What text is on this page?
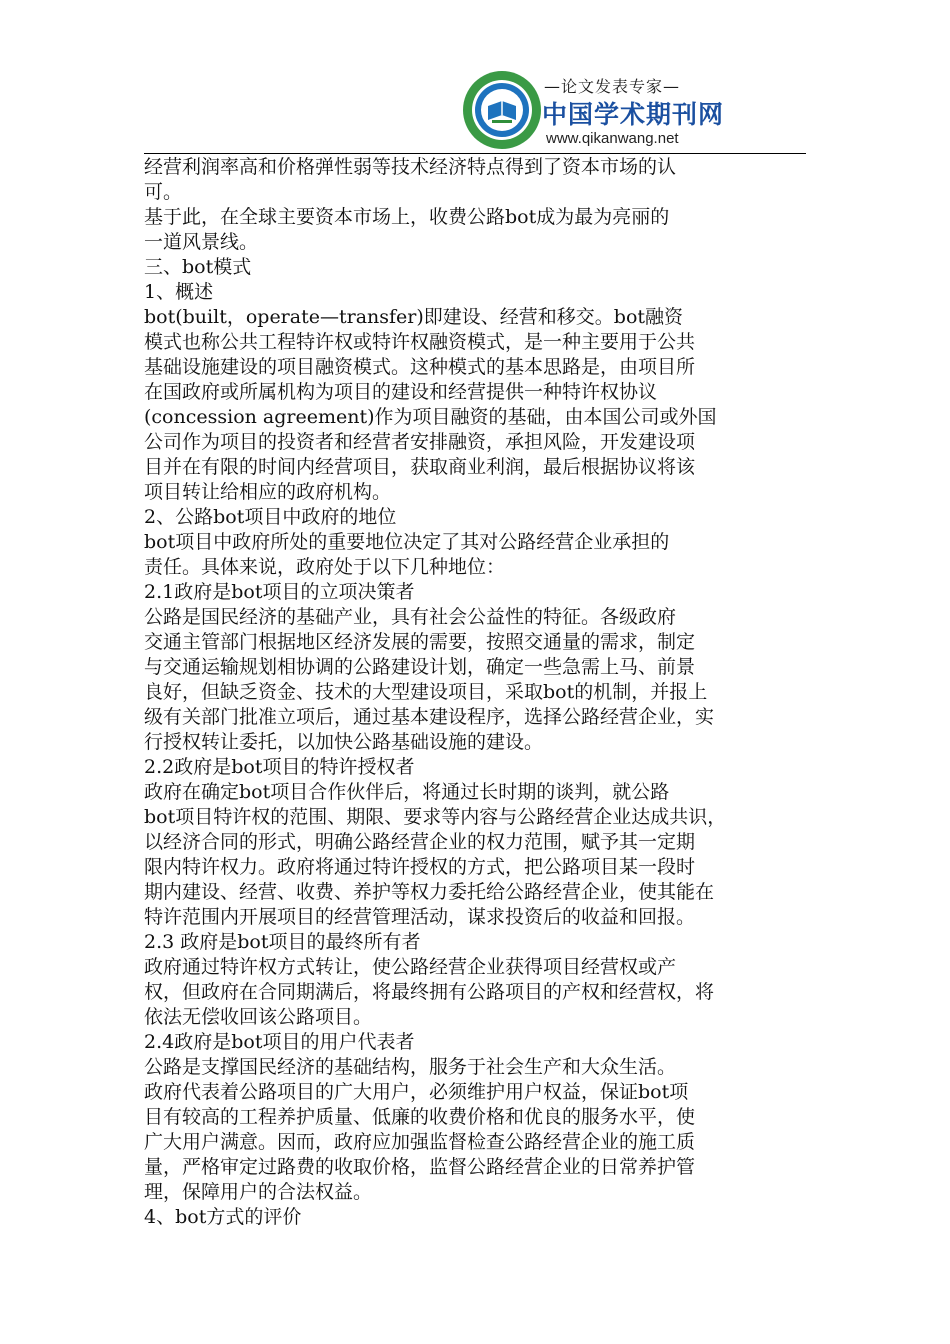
—论文发表专家—
中国学术期刊网
www.qikanwang.net
经营利润率高和价格弹性弱等技术经济特点得到了资本市场的认
可。
基于此，在全球主要资本市场上，收费公路bot成为最为亮丽的
一道风景线。
三、bot模式
1、概述
bot(built，operate—transfer)即建设、经营和移交。bot融资
模式也称公共工程特许权或特许权融资模式，是一种主要用于公共
基础设施建设的项目融资模式。这种模式的基本思路是，由项目所
在国政府或所属机构为项目的建设和经营提供一种特许权协议
(concession agreement)作为项目融资的基础，由本国公司或外国
公司作为项目的投资者和经营者安排融资，承担风险，开发建设项
目并在有限的时间内经营项目，获取商业利润，最后根据协议将该
项目转让给相应的政府机构。
2、公路bot项目中政府的地位
bot项目中政府所处的重要地位决定了其对公路经营企业承担的
责任。具体来说，政府处于以下几种地位：
2.1政府是bot项目的立项决策者
公路是国民经济的基础产业，具有社会公益性的特征。各级政府
交通主管部门根据地区经济发展的需要，按照交通量的需求，制定
与交通运输规划相协调的公路建设计划，确定一些急需上马、前景
良好，但缺乏资金、技术的大型建设项目，采取bot的机制，并报上
级有关部门批准立项后，通过基本建设程序，选择公路经营企业，实
行授权转让委托，以加快公路基础设施的建设。
2.2政府是bot项目的特许授权者
政府在确定bot项目合作伙伴后，将通过长时期的谈判，就公路
bot项目特许权的范围、期限、要求等内容与公路经营企业达成共识，
以经济合同的形式，明确公路经营企业的权力范围，赋予其一定期
限内特许权力。政府将通过特许授权的方式，把公路项目某一段时
期内建设、经营、收费、养护等权力委托给公路经营企业，使其能在
特许范围内开展项目的经营管理活动，谋求投资后的收益和回报。
2.3 政府是bot项目的最终所有者
政府通过特许权方式转让，使公路经营企业获得项目经营权或产
权，但政府在合同期满后，将最终拥有公路项目的产权和经营权，将
依法无偿收回该公路项目。
2.4政府是bot项目的用户代表者
公路是支撑国民经济的基础结构，服务于社会生产和大众生活。
政府代表着公路项目的广大用户，必须维护用户权益，保证bot项
目有较高的工程养护质量、低廉的收费价格和优良的服务水平，使
广大用户满意。因而，政府应加强监督检查公路经营企业的施工质
量，严格审定过路费的收取价格，监督公路经营企业的日常养护管
理，保障用户的合法权益。
4、bot方式的评价
